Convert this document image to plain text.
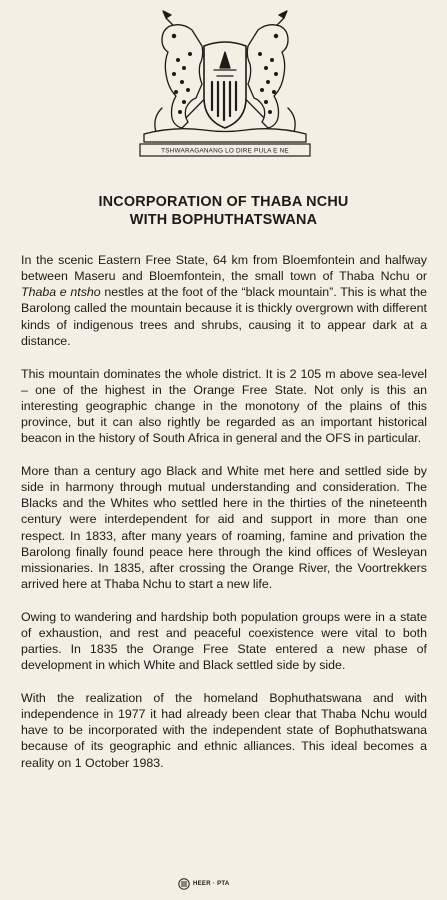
TSHWARAGANANG LO DIRE PULA E NE
INCORPORATION OF THABA NCHU
WITH BOPHUTHATSWANA

In the scenic Eastern Free State, 64 km from Bloemfontein and halfway between Maseru and Bloemfontein, the small town of Thaba Nchu or Thaba e ntsho nestles at the foot of the “black mountain”. This is what the Barolong called the mountain because it is thickly overgrown with different kinds of indigenous trees and shrubs, causing it to appear dark at a distance.

This mountain dominates the whole district. It is 2 105 m above sea-level – one of the highest in the Orange Free State. Not only is this an interesting geographic change in the monotony of the plains of this province, but it can also rightly be regarded as an important historical beacon in the history of South Africa in general and the OFS in particular.

More than a century ago Black and White met here and settled side by side in harmony through mutual understanding and consideration. The Blacks and the Whites who settled here in the thirties of the nineteenth century were interdependent for aid and support in more than one respect. In 1833, after many years of roaming, famine and privation the Barolong finally found peace here through the kind offices of Wesleyan missionaries. In 1835, after crossing the Orange River, the Voortrekkers arrived here at Thaba Nchu to start a new life.

Owing to wandering and hardship both population groups were in a state of exhaustion, and rest and peaceful coexistence were vital to both parties. In 1835 the Orange Free State entered a new phase of development in which White and Black settled side by side.

With the realization of the homeland Bophuthatswana and with independence in 1977 it had already been clear that Thaba Nchu would have to be incorporated with the independent state of Bophuthatswana because of its geographic and ethnic alliances. This ideal becomes a reality on 1 October 1983.

HEER · PTA
